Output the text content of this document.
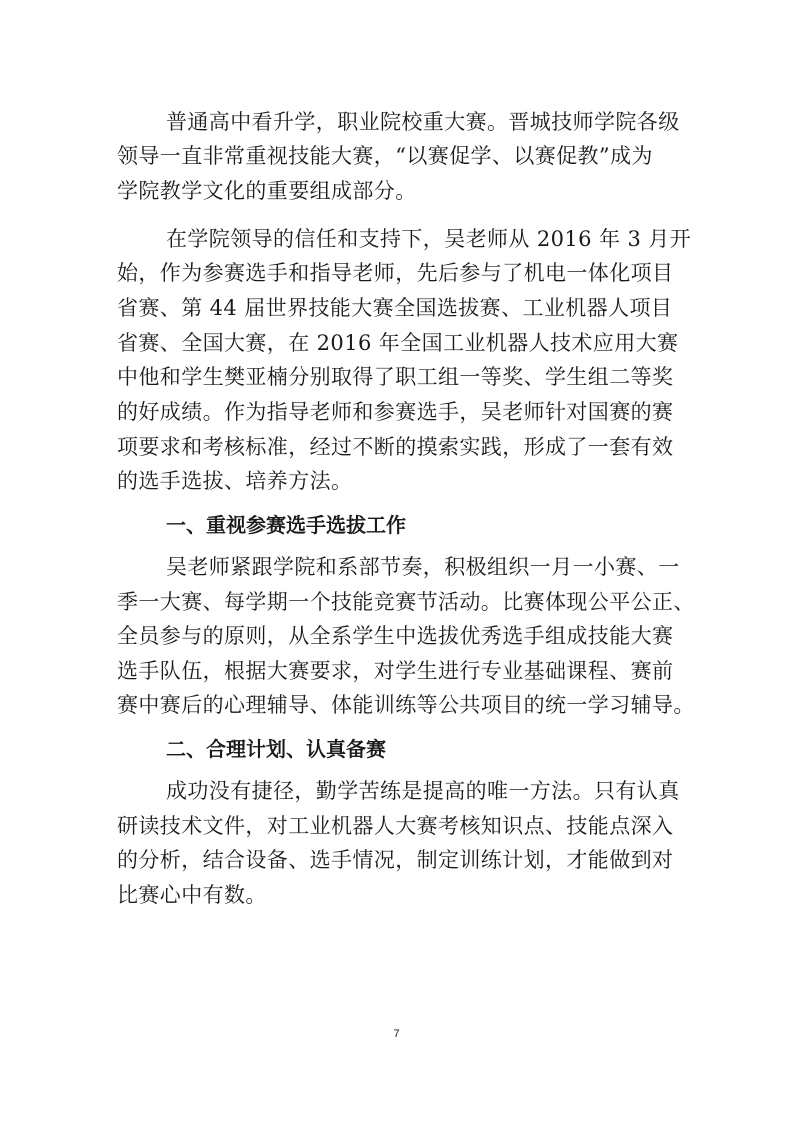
普通高中看升学，职业院校重大赛。晋城技师学院各级
领导一直非常重视技能大赛，“以赛促学、以赛促教”成为
学院教学文化的重要组成部分。
在学院领导的信任和支持下，吴老师从 2016 年 3 月开
始，作为参赛选手和指导老师，先后参与了机电一体化项目
省赛、第 44 届世界技能大赛全国选拔赛、工业机器人项目
省赛、全国大赛，在 2016 年全国工业机器人技术应用大赛
中他和学生樊亚楠分别取得了职工组一等奖、学生组二等奖
的好成绩。作为指导老师和参赛选手，吴老师针对国赛的赛
项要求和考核标准，经过不断的摸索实践，形成了一套有效
的选手选拔、培养方法。
一、重视参赛选手选拔工作
吴老师紧跟学院和系部节奏，积极组织一月一小赛、一
季一大赛、每学期一个技能竞赛节活动。比赛体现公平公正、
全员参与的原则，从全系学生中选拔优秀选手组成技能大赛
选手队伍，根据大赛要求，对学生进行专业基础课程、赛前
赛中赛后的心理辅导、体能训练等公共项目的统一学习辅导。
二、合理计划、认真备赛
成功没有捷径，勤学苦练是提高的唯一方法。只有认真
研读技术文件，对工业机器人大赛考核知识点、技能点深入
的分析，结合设备、选手情况，制定训练计划，才能做到对
比赛心中有数。
7
